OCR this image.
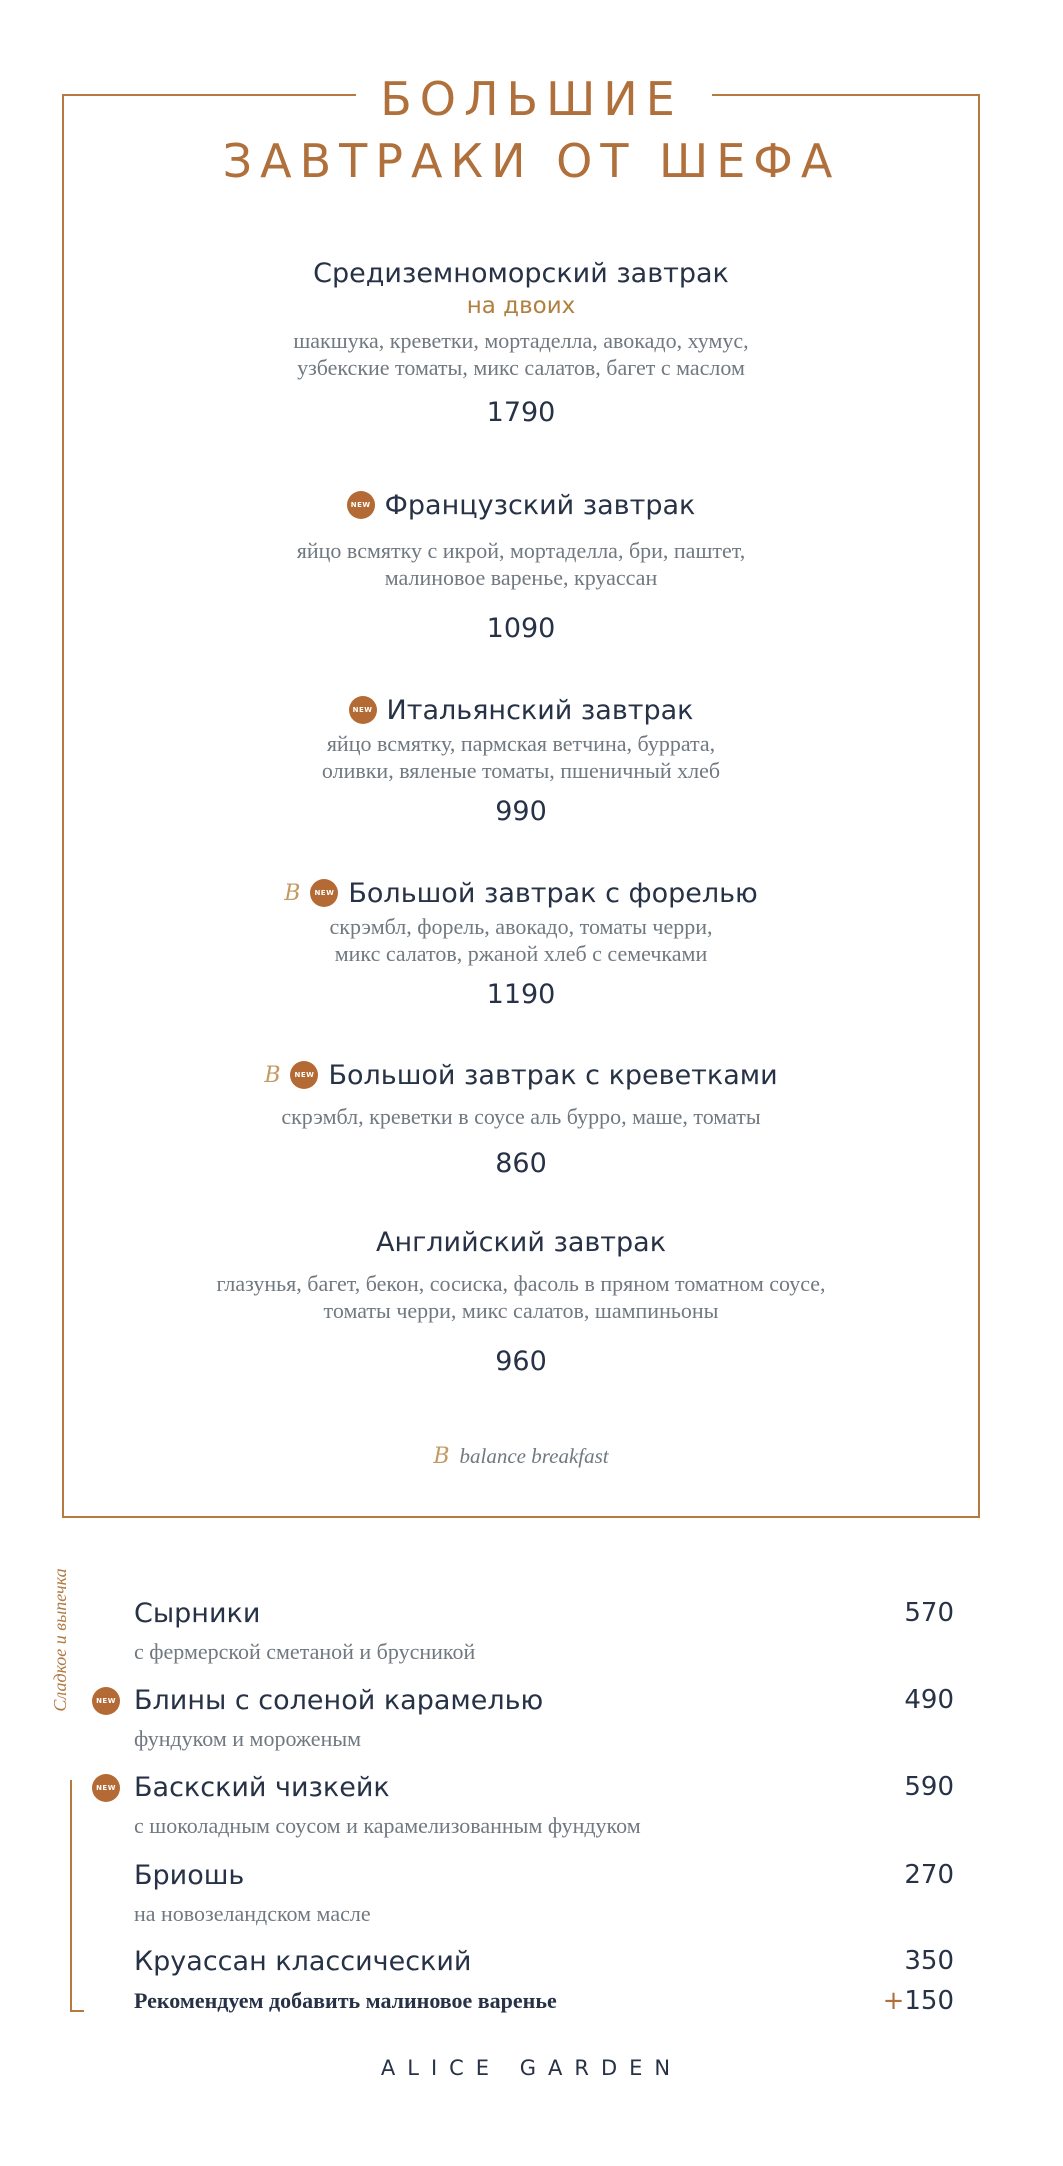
БОЛЬШИЕ
ЗАВТРАКИ ОТ ШЕФА
Средиземноморский завтрак
на двоих
шакшука, креветки, мортаделла, авокадо, хумус,
узбекские томаты, микс салатов, багет с маслом
1790
NEW Французский завтрак
яйцо всмятку с икрой, мортаделла, бри, паштет,
малиновое варенье, круассан
1090
NEW Итальянский завтрак
яйцо всмятку, пармская ветчина, буррата,
оливки, вяленые томаты, пшеничный хлеб
990
B	NEW Большой завтрак с форелью
скрэмбл, форель, авокадо, томаты черри,
микс салатов, ржаной хлеб с семечками
1190
B	NEW Большой завтрак с креветками
скрэмбл, креветки в соусе аль бурро, маше, томаты
860
Английский завтрак
глазунья, багет, бекон, сосиска, фасоль в пряном томатном соусе,
томаты черри, микс салатов, шампиньоны
960
B balance breakfast
Сладкое и выпечка Сырники	570
с фермерской сметаной и брусникой
NEW Блины с соленой карамелью	490
фундуком и мороженым
NEW Баскский чизкейк	590
с шоколадным соусом и карамелизованным фундуком
Бриошь	270
на новозеландском масле
Круассан классический	350
Рекомендуем добавить малиновое варенье	+150
ALICE GARDEN
